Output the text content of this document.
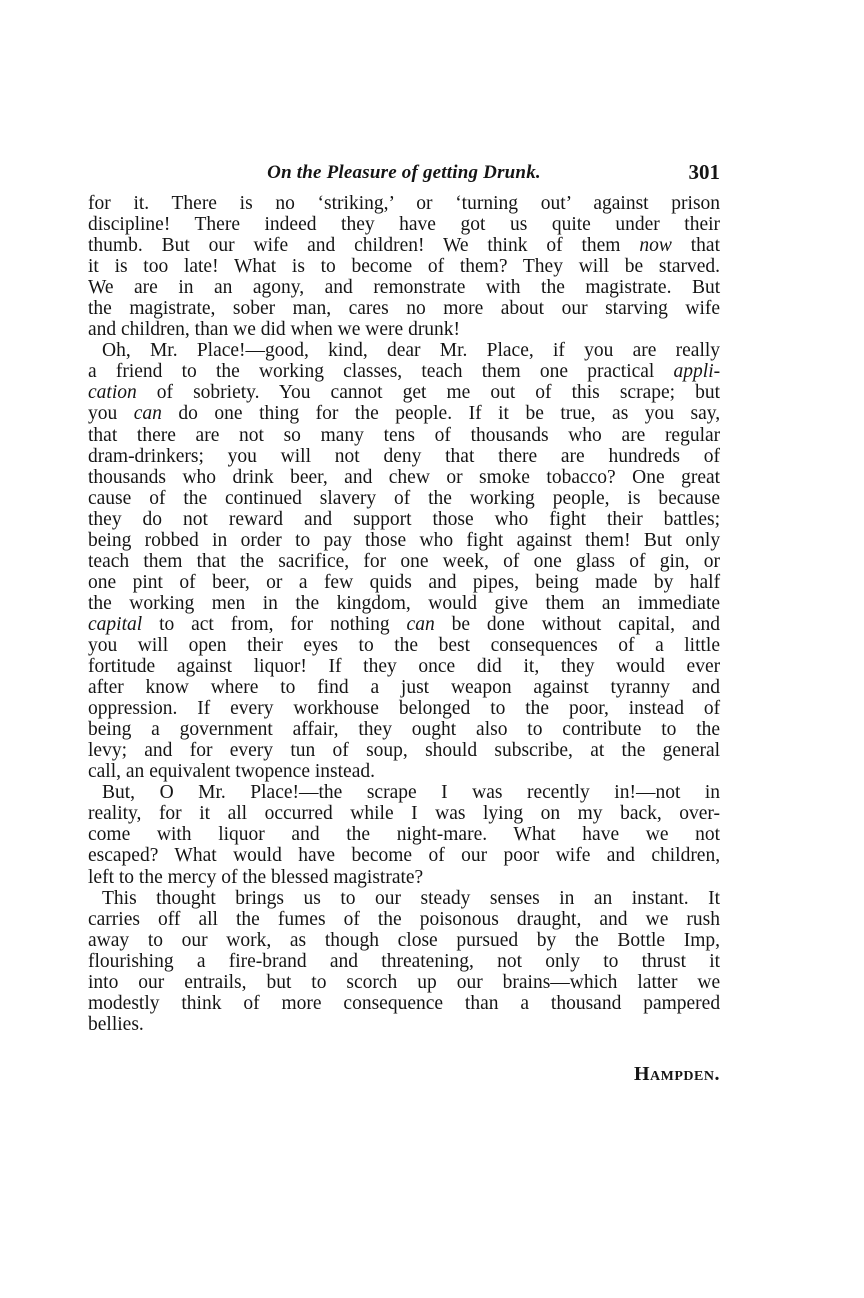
On the Pleasure of getting Drunk.	301
for it. There is no ‘striking,’ or ‘turning out’ against prison
discipline! There indeed they have got us quite under their
thumb. But our wife and children! We think of them now that
it is too late! What is to become of them? They will be starved.
We are in an agony, and remonstrate with the magistrate. But
the magistrate, sober man, cares no more about our starving wife
and children, than we did when we were drunk!
Oh, Mr. Place!—good, kind, dear Mr. Place, if you are really
a friend to the working classes, teach them one practical appli-
cation of sobriety. You cannot get me out of this scrape; but
you can do one thing for the people. If it be true, as you say,
that there are not so many tens of thousands who are regular
dram-drinkers; you will not deny that there are hundreds of
thousands who drink beer, and chew or smoke tobacco? One great
cause of the continued slavery of the working people, is because
they do not reward and support those who fight their battles;
being robbed in order to pay those who fight against them! But only
teach them that the sacrifice, for one week, of one glass of gin, or
one pint of beer, or a few quids and pipes, being made by half
the working men in the kingdom, would give them an immediate
capital to act from, for nothing can be done without capital, and
you will open their eyes to the best consequences of a little
fortitude against liquor! If they once did it, they would ever
after know where to find a just weapon against tyranny and
oppression. If every workhouse belonged to the poor, instead of
being a government affair, they ought also to contribute to the
levy; and for every tun of soup, should subscribe, at the general
call, an equivalent twopence instead.
But, O Mr. Place!—the scrape I was recently in!—not in
reality, for it all occurred while I was lying on my back, over-
come with liquor and the night-mare. What have we not
escaped? What would have become of our poor wife and children,
left to the mercy of the blessed magistrate?
This thought brings us to our steady senses in an instant. It
carries off all the fumes of the poisonous draught, and we rush
away to our work, as though close pursued by the Bottle Imp,
flourishing a fire-brand and threatening, not only to thrust it
into our entrails, but to scorch up our brains—which latter we
modestly think of more consequence than a thousand pampered
bellies.
Hampden.
